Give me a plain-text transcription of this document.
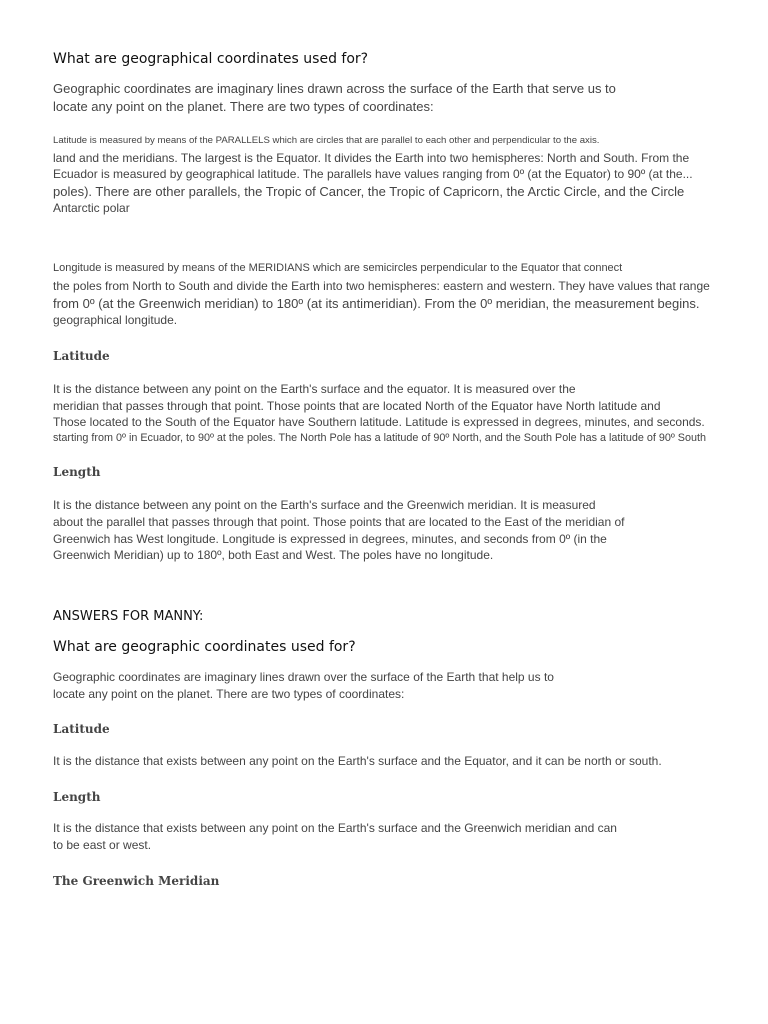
What are geographical coordinates used for?
Geographic coordinates are imaginary lines drawn across the surface of the Earth that serve us to
locate any point on the planet. There are two types of coordinates:
Latitude is measured by means of the PARALLELS which are circles that are parallel to each other and perpendicular to the axis.
land and the meridians. The largest is the Equator. It divides the Earth into two hemispheres: North and South. From the
Ecuador is measured by geographical latitude. The parallels have values ranging from 0º (at the Equator) to 90º (at the...
poles). There are other parallels, the Tropic of Cancer, the Tropic of Capricorn, the Arctic Circle, and the Circle
Antarctic polar
Longitude is measured by means of the MERIDIANS which are semicircles perpendicular to the Equator that connect
the poles from North to South and divide the Earth into two hemispheres: eastern and western. They have values that range
from 0º (at the Greenwich meridian) to 180º (at its antimeridian). From the 0º meridian, the measurement begins.
geographical longitude.
Latitude
It is the distance between any point on the Earth's surface and the equator. It is measured over the
meridian that passes through that point. Those points that are located North of the Equator have North latitude and
Those located to the South of the Equator have Southern latitude. Latitude is expressed in degrees, minutes, and seconds.
starting from 0º in Ecuador, to 90º at the poles. The North Pole has a latitude of 90º North, and the South Pole has a latitude of 90º South
Length
It is the distance between any point on the Earth's surface and the Greenwich meridian. It is measured
about the parallel that passes through that point. Those points that are located to the East of the meridian of
Greenwich has West longitude. Longitude is expressed in degrees, minutes, and seconds from 0º (in the
Greenwich Meridian) up to 180º, both East and West. The poles have no longitude.
ANSWERS FOR MANNY:
What are geographic coordinates used for?
Geographic coordinates are imaginary lines drawn over the surface of the Earth that help us to
locate any point on the planet. There are two types of coordinates:
Latitude
It is the distance that exists between any point on the Earth's surface and the Equator, and it can be north or south.
Length
It is the distance that exists between any point on the Earth's surface and the Greenwich meridian and can
to be east or west.
The Greenwich Meridian
